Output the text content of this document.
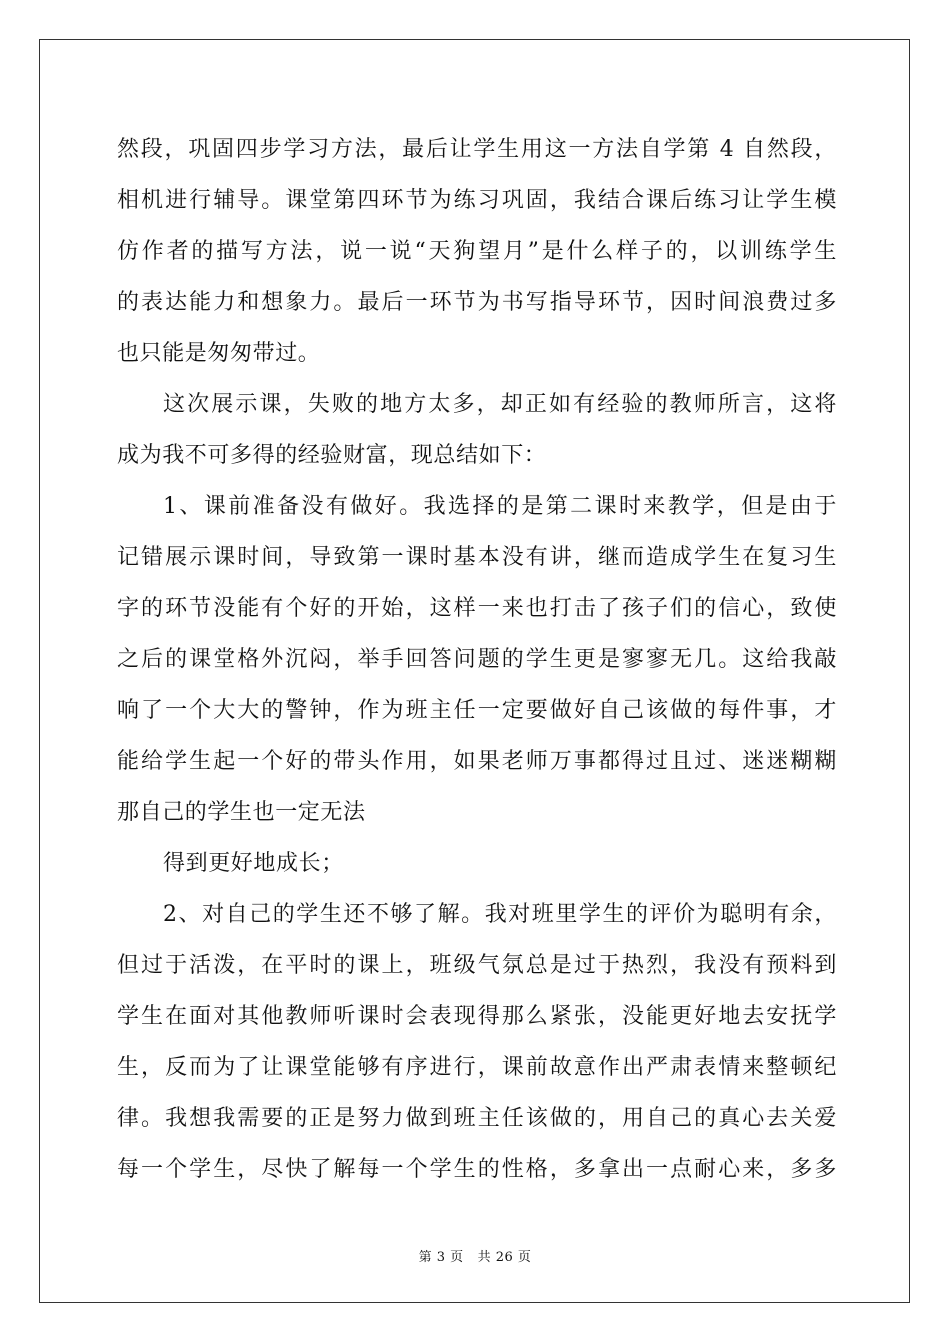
然段，巩固四步学习方法，最后让学生用这一方法自学第 4 自然段，
相机进行辅导。课堂第四环节为练习巩固，我结合课后练习让学生模
仿作者的描写方法，说一说“天狗望月”是什么样子的，以训练学生
的表达能力和想象力。最后一环节为书写指导环节，因时间浪费过多
也只能是匆匆带过。
这次展示课，失败的地方太多，却正如有经验的教师所言，这将
成为我不可多得的经验财富，现总结如下：
1、课前准备没有做好。我选择的是第二课时来教学，但是由于
记错展示课时间，导致第一课时基本没有讲，继而造成学生在复习生
字的环节没能有个好的开始，这样一来也打击了孩子们的信心，致使
之后的课堂格外沉闷，举手回答问题的学生更是寥寥无几。这给我敲
响了一个大大的警钟，作为班主任一定要做好自己该做的每件事，才
能给学生起一个好的带头作用，如果老师万事都得过且过、迷迷糊糊
那自己的学生也一定无法
得到更好地成长；
2、对自己的学生还不够了解。我对班里学生的评价为聪明有余，
但过于活泼，在平时的课上，班级气氛总是过于热烈，我没有预料到
学生在面对其他教师听课时会表现得那么紧张，没能更好地去安抚学
生，反而为了让课堂能够有序进行，课前故意作出严肃表情来整顿纪
律。我想我需要的正是努力做到班主任该做的，用自己的真心去关爱
每一个学生，尽快了解每一个学生的性格，多拿出一点耐心来，多多
第 3 页 共 26 页
